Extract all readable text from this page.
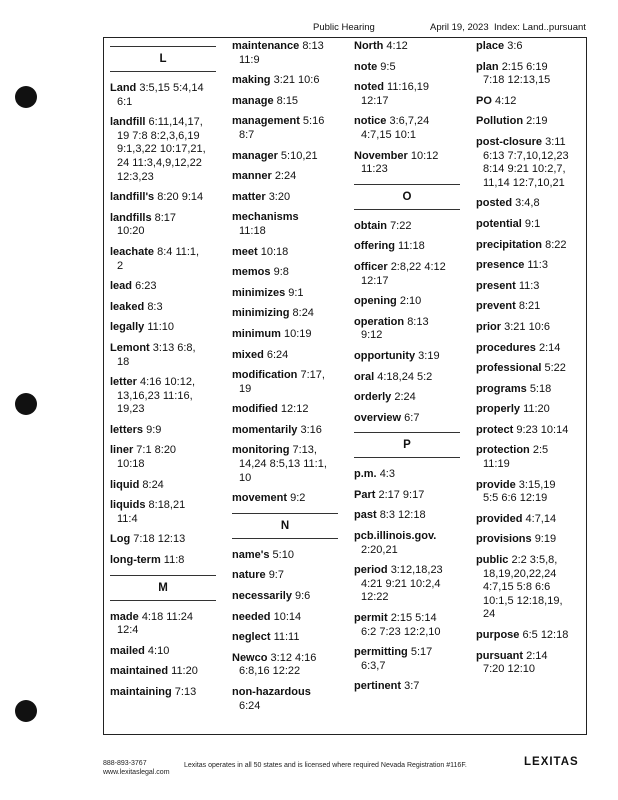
Public Hearing	April 19, 2023 Index: Land..pursuant
L
Land 3:5,15 5:4,14
6:1
landfill 6:11,14,17,
19 7:8 8:2,3,6,19
9:1,3,22 10:17,21,
24 11:3,4,9,12,22
12:3,23
landfill's 8:20 9:14
landfills 8:17
10:20
leachate 8:4 11:1,
2
lead 6:23
leaked 8:3
legally 11:10
Lemont 3:13 6:8,
18
letter 4:16 10:12,
13,16,23 11:16,
19,23
letters 9:9
liner 7:1 8:20
10:18
liquid 8:24
liquids 8:18,21
11:4
Log 7:18 12:13
long-term 11:8
M
made 4:18 11:24
12:4
mailed 4:10
maintained 11:20
maintaining 7:13
maintenance 8:13
11:9
making 3:21 10:6
manage 8:15
management 5:16
8:7
manager 5:10,21
manner 2:24
matter 3:20
mechanisms
11:18
meet 10:18
memos 9:8
minimizes 9:1
minimizing 8:24
minimum 10:19
mixed 6:24
modification 7:17,
19
modified 12:12
momentarily 3:16
monitoring 7:13,
14,24 8:5,13 11:1,
10
movement 9:2
N
name's 5:10
nature 9:7
necessarily 9:6
needed 10:14
neglect 11:11
Newco 3:12 4:16
6:8,16 12:22
non-hazardous
6:24
North 4:12
note 9:5
noted 11:16,19
12:17
notice 3:6,7,24
4:7,15 10:1
November 10:12
11:23
O
obtain 7:22
offering 11:18
officer 2:8,22 4:12
12:17
opening 2:10
operation 8:13
9:12
opportunity 3:19
oral 4:18,24 5:2
orderly 2:24
overview 6:7
P
p.m. 4:3
Part 2:17 9:17
past 8:3 12:18
pcb.illinois.gov.
2:20,21
period 3:12,18,23
4:21 9:21 10:2,4
12:22
permit 2:15 5:14
6:2 7:23 12:2,10
permitting 5:17
6:3,7
pertinent 3:7
place 3:6
plan 2:15 6:19
7:18 12:13,15
PO 4:12
Pollution 2:19
post-closure 3:11
6:13 7:7,10,12,23
8:14 9:21 10:2,7,
11,14 12:7,10,21
posted 3:4,8
potential 9:1
precipitation 8:22
presence 11:3
present 11:3
prevent 8:21
prior 3:21 10:6
procedures 2:14
professional 5:22
programs 5:18
properly 11:20
protect 9:23 10:14
protection 2:5
11:19
provide 3:15,19
5:5 6:6 12:19
provided 4:7,14
provisions 9:19
public 2:2 3:5,8,
18,19,20,22,24
4:7,15 5:8 6:6
10:1,5 12:18,19,
24
purpose 6:5 12:18
pursuant 2:14
7:20 12:10
888-893-3767
www.lexitaslegal.com
Lexitas operates in all 50 states and is licensed where required Nevada Registration #116F.	LEXITAS
